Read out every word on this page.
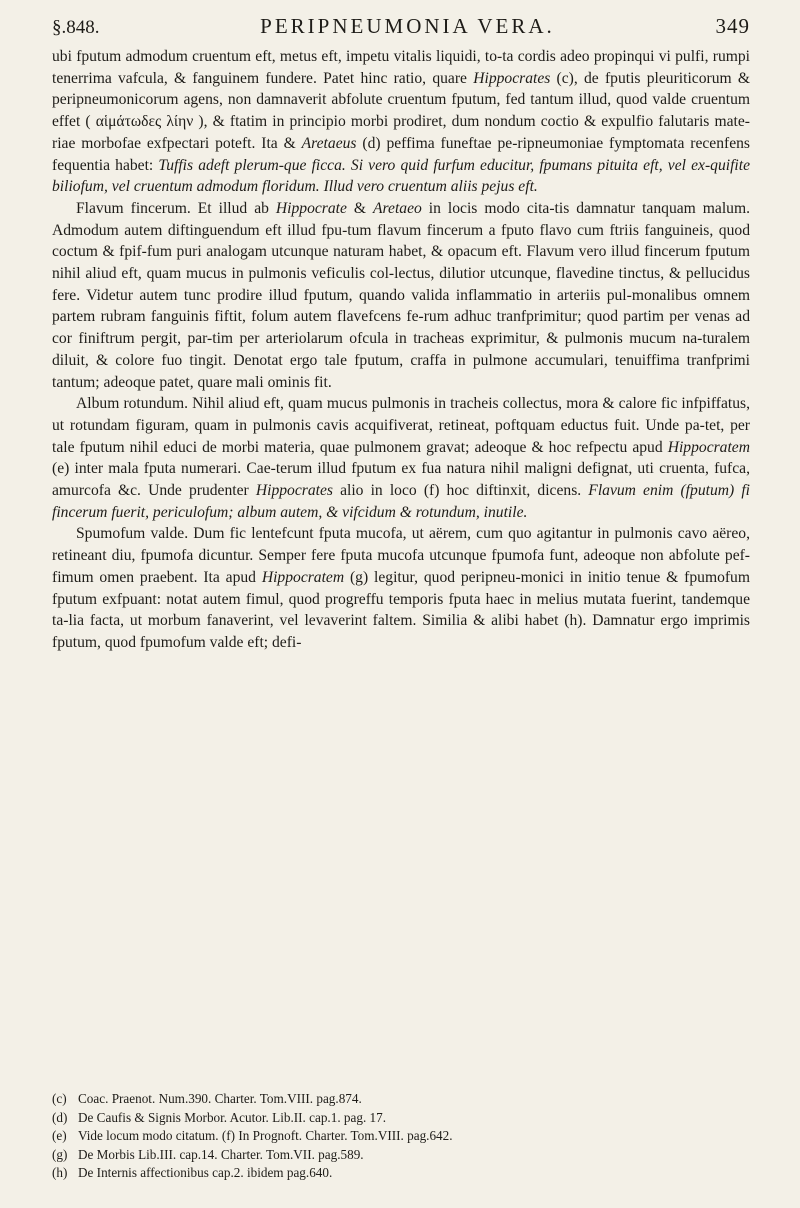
§.848.	PERIPNEUMONIA VERA.	349

ubi fputum admodum cruentum eft, metus eft, impetu vitalis liquidi, to-ta cordis adeo propinqui vi pulfi, rumpi tenerrima vafcula, & fanguinem fundere. Patet hinc ratio, quare Hippocrates (c), de fputis pleuriticorum & peripneumonicorum agens, non damnaverit abfolute cruentum fputum, fed tantum illud, quod valde cruentum effet ( αἱμάτωδες λίην ), & ftatim in principio morbi prodiret, dum nondum coctio & expulfio falutaris mate-riae morbofae exfpectari poteft. Ita & Aretaeus (d) peffima funeftae pe-ripneumoniae fymptomata recenfens fequentia habet: Tuffis adeft plerum-que ficca. Si vero quid furfum educitur, fpumans pituita eft, vel ex-quifite biliofum, vel cruentum admodum floridum. Illud vero cruentum aliis pejus eft.

Flavum fincerum. Et illud ab Hippocrate & Aretaeo in locis modo cita-tis damnatur tanquam malum. Admodum autem diftinguendum eft illud fpu-tum flavum fincerum a fputo flavo cum ftriis fanguineis, quod coctum & fpif-fum puri analogam utcunque naturam habet, & opacum eft. Flavum vero illud fincerum fputum nihil aliud eft, quam mucus in pulmonis veficulis col-lectus, dilutior utcunque, flavedine tinctus, & pellucidus fere. Videtur autem tunc prodire illud fputum, quando valida inflammatio in arteriis pul-monalibus omnem partem rubram fanguinis fiftit, folum autem flavefcens fe-rum adhuc tranfprimitur; quod partim per venas ad cor finiftrum pergit, par-tim per arteriolarum ofcula in tracheas exprimitur, & pulmonis mucum na-turalem diluit, & colore fuo tingit. Denotat ergo tale fputum, craffa in pulmone accumulari, tenuiffima tranfprimi tantum; adeoque patet, quare mali ominis fit.

Album rotundum. Nihil aliud eft, quam mucus pulmonis in tracheis collectus, mora & calore fic infpiffatus, ut rotundam figuram, quam in pulmonis cavis acquifiverat, retineat, poftquam eductus fuit. Unde pa-tet, per tale fputum nihil educi de morbi materia, quae pulmonem gravat; adeoque & hoc refpectu apud Hippocratem (e) inter mala fputa numerari. Cae-terum illud fputum ex fua natura nihil maligni defignat, uti cruenta, fufca, amurcofa &c. Unde prudenter Hippocrates alio in loco (f) hoc diftinxit, dicens. Flavum enim (fputum) fi fincerum fuerit, periculofum; album autem, & vifcidum & rotundum, inutile.

Spumofum valde. Dum fic lentefcunt fputa mucofa, ut aërem, cum quo agitantur in pulmonis cavo aëreo, retineant diu, fpumofa dicuntur. Semper fere fputa mucofa utcunque fpumofa funt, adeoque non abfolute pef-fimum omen praebent. Ita apud Hippocratem (g) legitur, quod peripneu-monici in initio tenue & fpumofum fputum exfpuant: notat autem fimul, quod progreffu temporis fputa haec in melius mutata fuerint, tandemque ta-lia facta, ut morbum fanaverint, vel levaverint faltem. Similia & alibi habet (h). Damnatur ergo imprimis fputum, quod fpumofum valde eft; defi-

(c) Coac. Praenot. Num.390. Charter. Tom.VIII. pag.874.
(d) De Caufis & Signis Morbor. Acutor. Lib.II. cap.1. pag. 17.
(e) Vide locum modo citatum. (f) In Prognoft. Charter. Tom.VIII. pag.642.
(g) De Morbis Lib.III. cap.14. Charter. Tom.VII. pag.589.
(h) De Internis affectionibus cap.2. ibidem pag.640.
